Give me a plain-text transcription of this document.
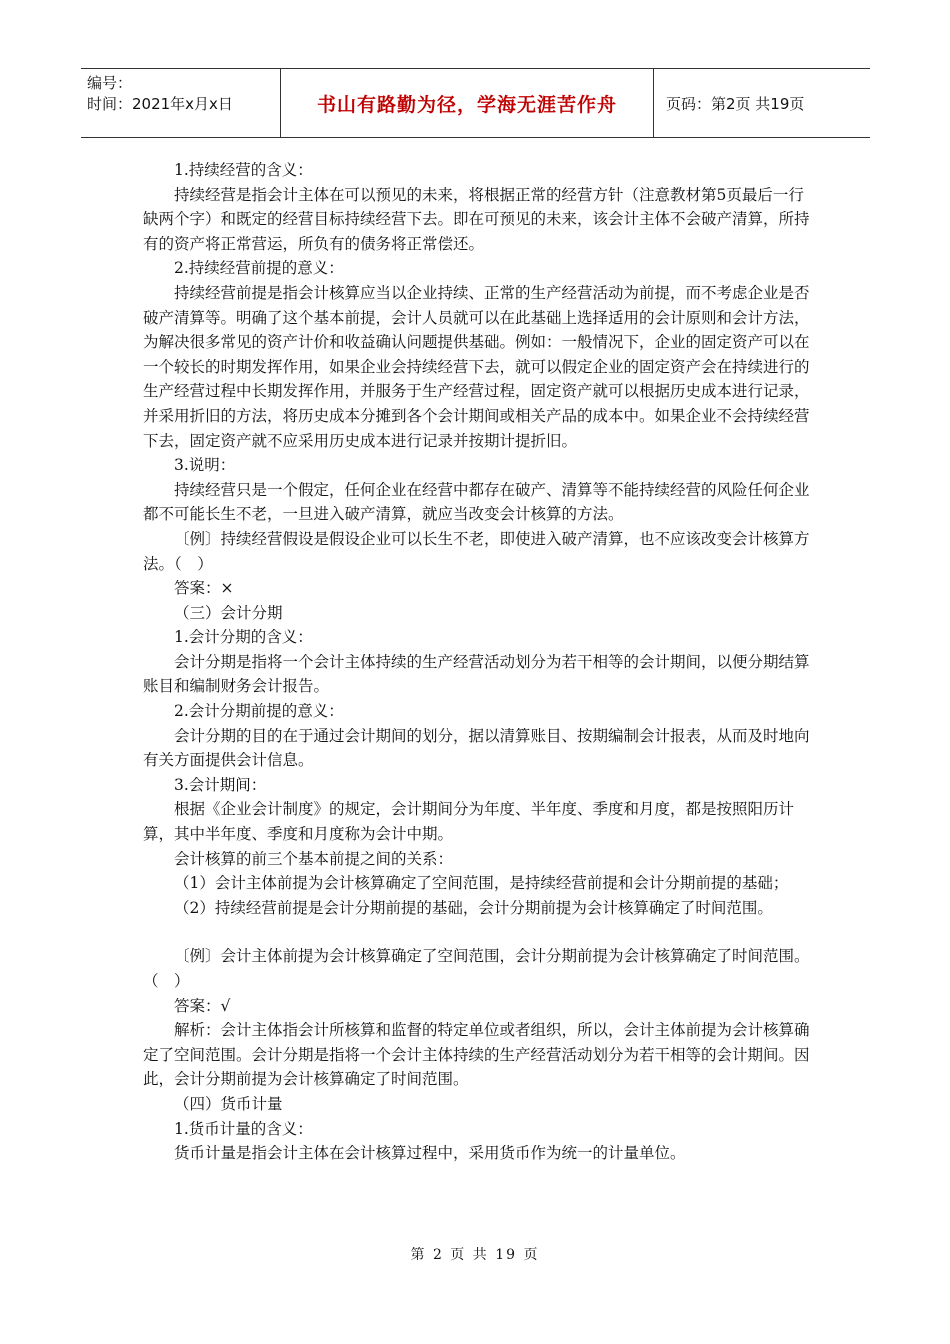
编号：
时间：2021年x月x日	书山有路勤为径，学海无涯苦作舟	页码：第2页 共19页

1.持续经营的含义：

持续经营是指会计主体在可以预见的未来，将根据正常的经营方针（注意教材第5页最后一行缺两个字）和既定的经营目标持续经营下去。即在可预见的未来，该会计主体不会破产清算，所持有的资产将正常营运，所负有的债务将正常偿还。

2.持续经营前提的意义：

持续经营前提是指会计核算应当以企业持续、正常的生产经营活动为前提，而不考虑企业是否破产清算等。明确了这个基本前提，会计人员就可以在此基础上选择适用的会计原则和会计方法，为解决很多常见的资产计价和收益确认问题提供基础。例如：一般情况下，企业的固定资产可以在一个较长的时期发挥作用，如果企业会持续经营下去，就可以假定企业的固定资产会在持续进行的生产经营过程中长期发挥作用，并服务于生产经营过程，固定资产就可以根据历史成本进行记录，并采用折旧的方法，将历史成本分摊到各个会计期间或相关产品的成本中。如果企业不会持续经营下去，固定资产就不应采用历史成本进行记录并按期计提折旧。

3.说明：

持续经营只是一个假定，任何企业在经营中都存在破产、清算等不能持续经营的风险任何企业都不可能长生不老，一旦进入破产清算，就应当改变会计核算的方法。

〔例〕持续经营假设是假设企业可以长生不老，即使进入破产清算，也不应该改变会计核算方法。（　）

答案：×

（三）会计分期

1.会计分期的含义：

会计分期是指将一个会计主体持续的生产经营活动划分为若干相等的会计期间，以便分期结算账目和编制财务会计报告。

2.会计分期前提的意义：

会计分期的目的在于通过会计期间的划分，据以清算账目、按期编制会计报表，从而及时地向有关方面提供会计信息。

3.会计期间：

根据《企业会计制度》的规定，会计期间分为年度、半年度、季度和月度，都是按照阳历计算，其中半年度、季度和月度称为会计中期。

会计核算的前三个基本前提之间的关系：

（1）会计主体前提为会计核算确定了空间范围，是持续经营前提和会计分期前提的基础；

（2）持续经营前提是会计分期前提的基础，会计分期前提为会计核算确定了时间范围。

〔例〕会计主体前提为会计核算确定了空间范围，会计分期前提为会计核算确定了时间范围。（　）

答案：√

解析：会计主体指会计所核算和监督的特定单位或者组织，所以，会计主体前提为会计核算确定了空间范围。会计分期是指将一个会计主体持续的生产经营活动划分为若干相等的会计期间。因此，会计分期前提为会计核算确定了时间范围。

（四）货币计量

1.货币计量的含义：

货币计量是指会计主体在会计核算过程中，采用货币作为统一的计量单位。

第 2 页 共 19 页
